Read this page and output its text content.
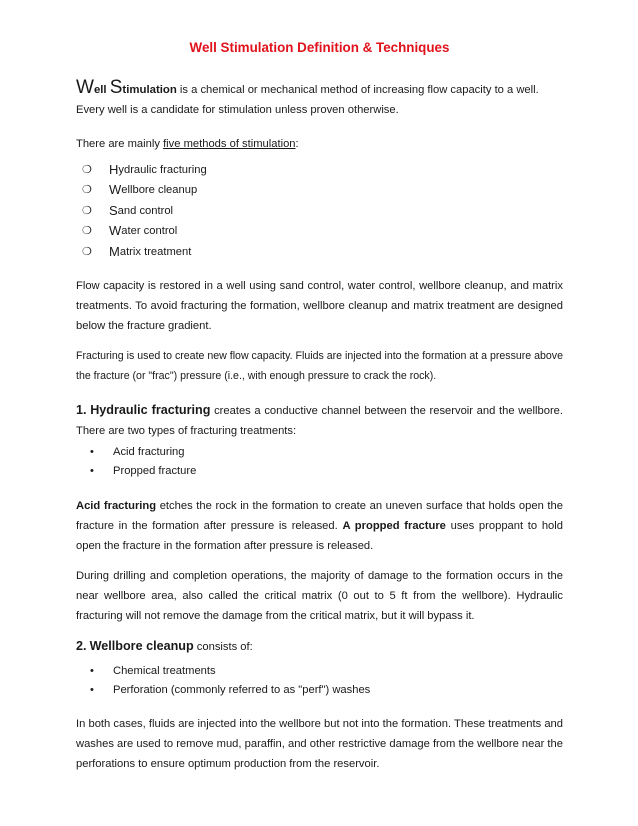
Well Stimulation Definition & Techniques
Well Stimulation is a chemical or mechanical method of increasing flow capacity to a well.
Every well is a candidate for stimulation unless proven otherwise.
There are mainly five methods of stimulation:
❍	H ydraulic fracturing
❍	W ellbore cleanup
❍	S and control
❍	W ater control
❍	M atrix treatment
Flow capacity is restored in a well using sand control, water control, wellbore cleanup, and matrix treatments. To avoid fracturing the formation, wellbore cleanup and matrix treatment are designed below the fracture gradient.
Fracturing is used to create new flow capacity. Fluids are injected into the formation at a pressure above the fracture (or "frac") pressure (i.e., with enough pressure to crack the rock).
1. Hydraulic fracturing creates a conductive channel between the reservoir and the wellbore. There are two types of fracturing treatments:
•	Acid fracturing
•	Propped fracture
Acid fracturing etches the rock in the formation to create an uneven surface that holds open the fracture in the formation after pressure is released. A propped fracture uses proppant to hold open the fracture in the formation after pressure is released.
During drilling and completion operations, the majority of damage to the formation occurs in the near wellbore area, also called the critical matrix (0 out to 5 ft from the wellbore). Hydraulic fracturing will not remove the damage from the critical matrix, but it will bypass it.
2. Wellbore cleanup consists of:
•	Chemical treatments
•	Perforation (commonly referred to as "perf") washes
In both cases, fluids are injected into the wellbore but not into the formation. These treatments and washes are used to remove mud, paraffin, and other restrictive damage from the wellbore near the perforations to ensure optimum production from the reservoir.
